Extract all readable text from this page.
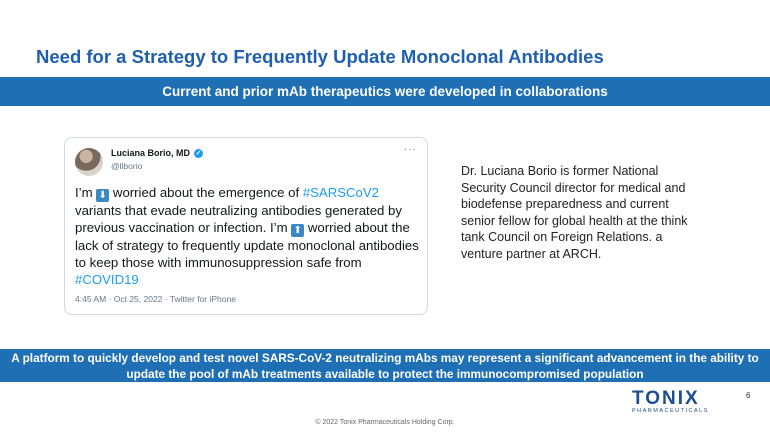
Need for a Strategy to Frequently Update Monoclonal Antibodies
Current and prior mAb therapeutics were developed in collaborations
Luciana Borio, MD ✓
@llborio
···
I’m ⬇ worried about the emergence of #SARSCoV2 variants that evade neutralizing antibodies generated by previous vaccination or infection. I’m ⬆ worried about the lack of strategy to frequently update monoclonal antibodies to keep those with immunosuppression safe from #COVID19
4:45 AM · Oct 25, 2022 · Twitter for iPhone
Dr. Luciana Borio is former National Security Council director for medical and biodefense preparedness and current senior fellow for global health at the think tank Council on Foreign Relations. a venture partner at ARCH.
A platform to quickly develop and test novel SARS-CoV-2 neutralizing mAbs may represent a significant advancement in the ability to update the pool of mAb treatments available to protect the immunocompromised population
6
TONIX
PHARMACEUTICALS
© 2022 Tonix Pharmaceuticals Holding Corp.
